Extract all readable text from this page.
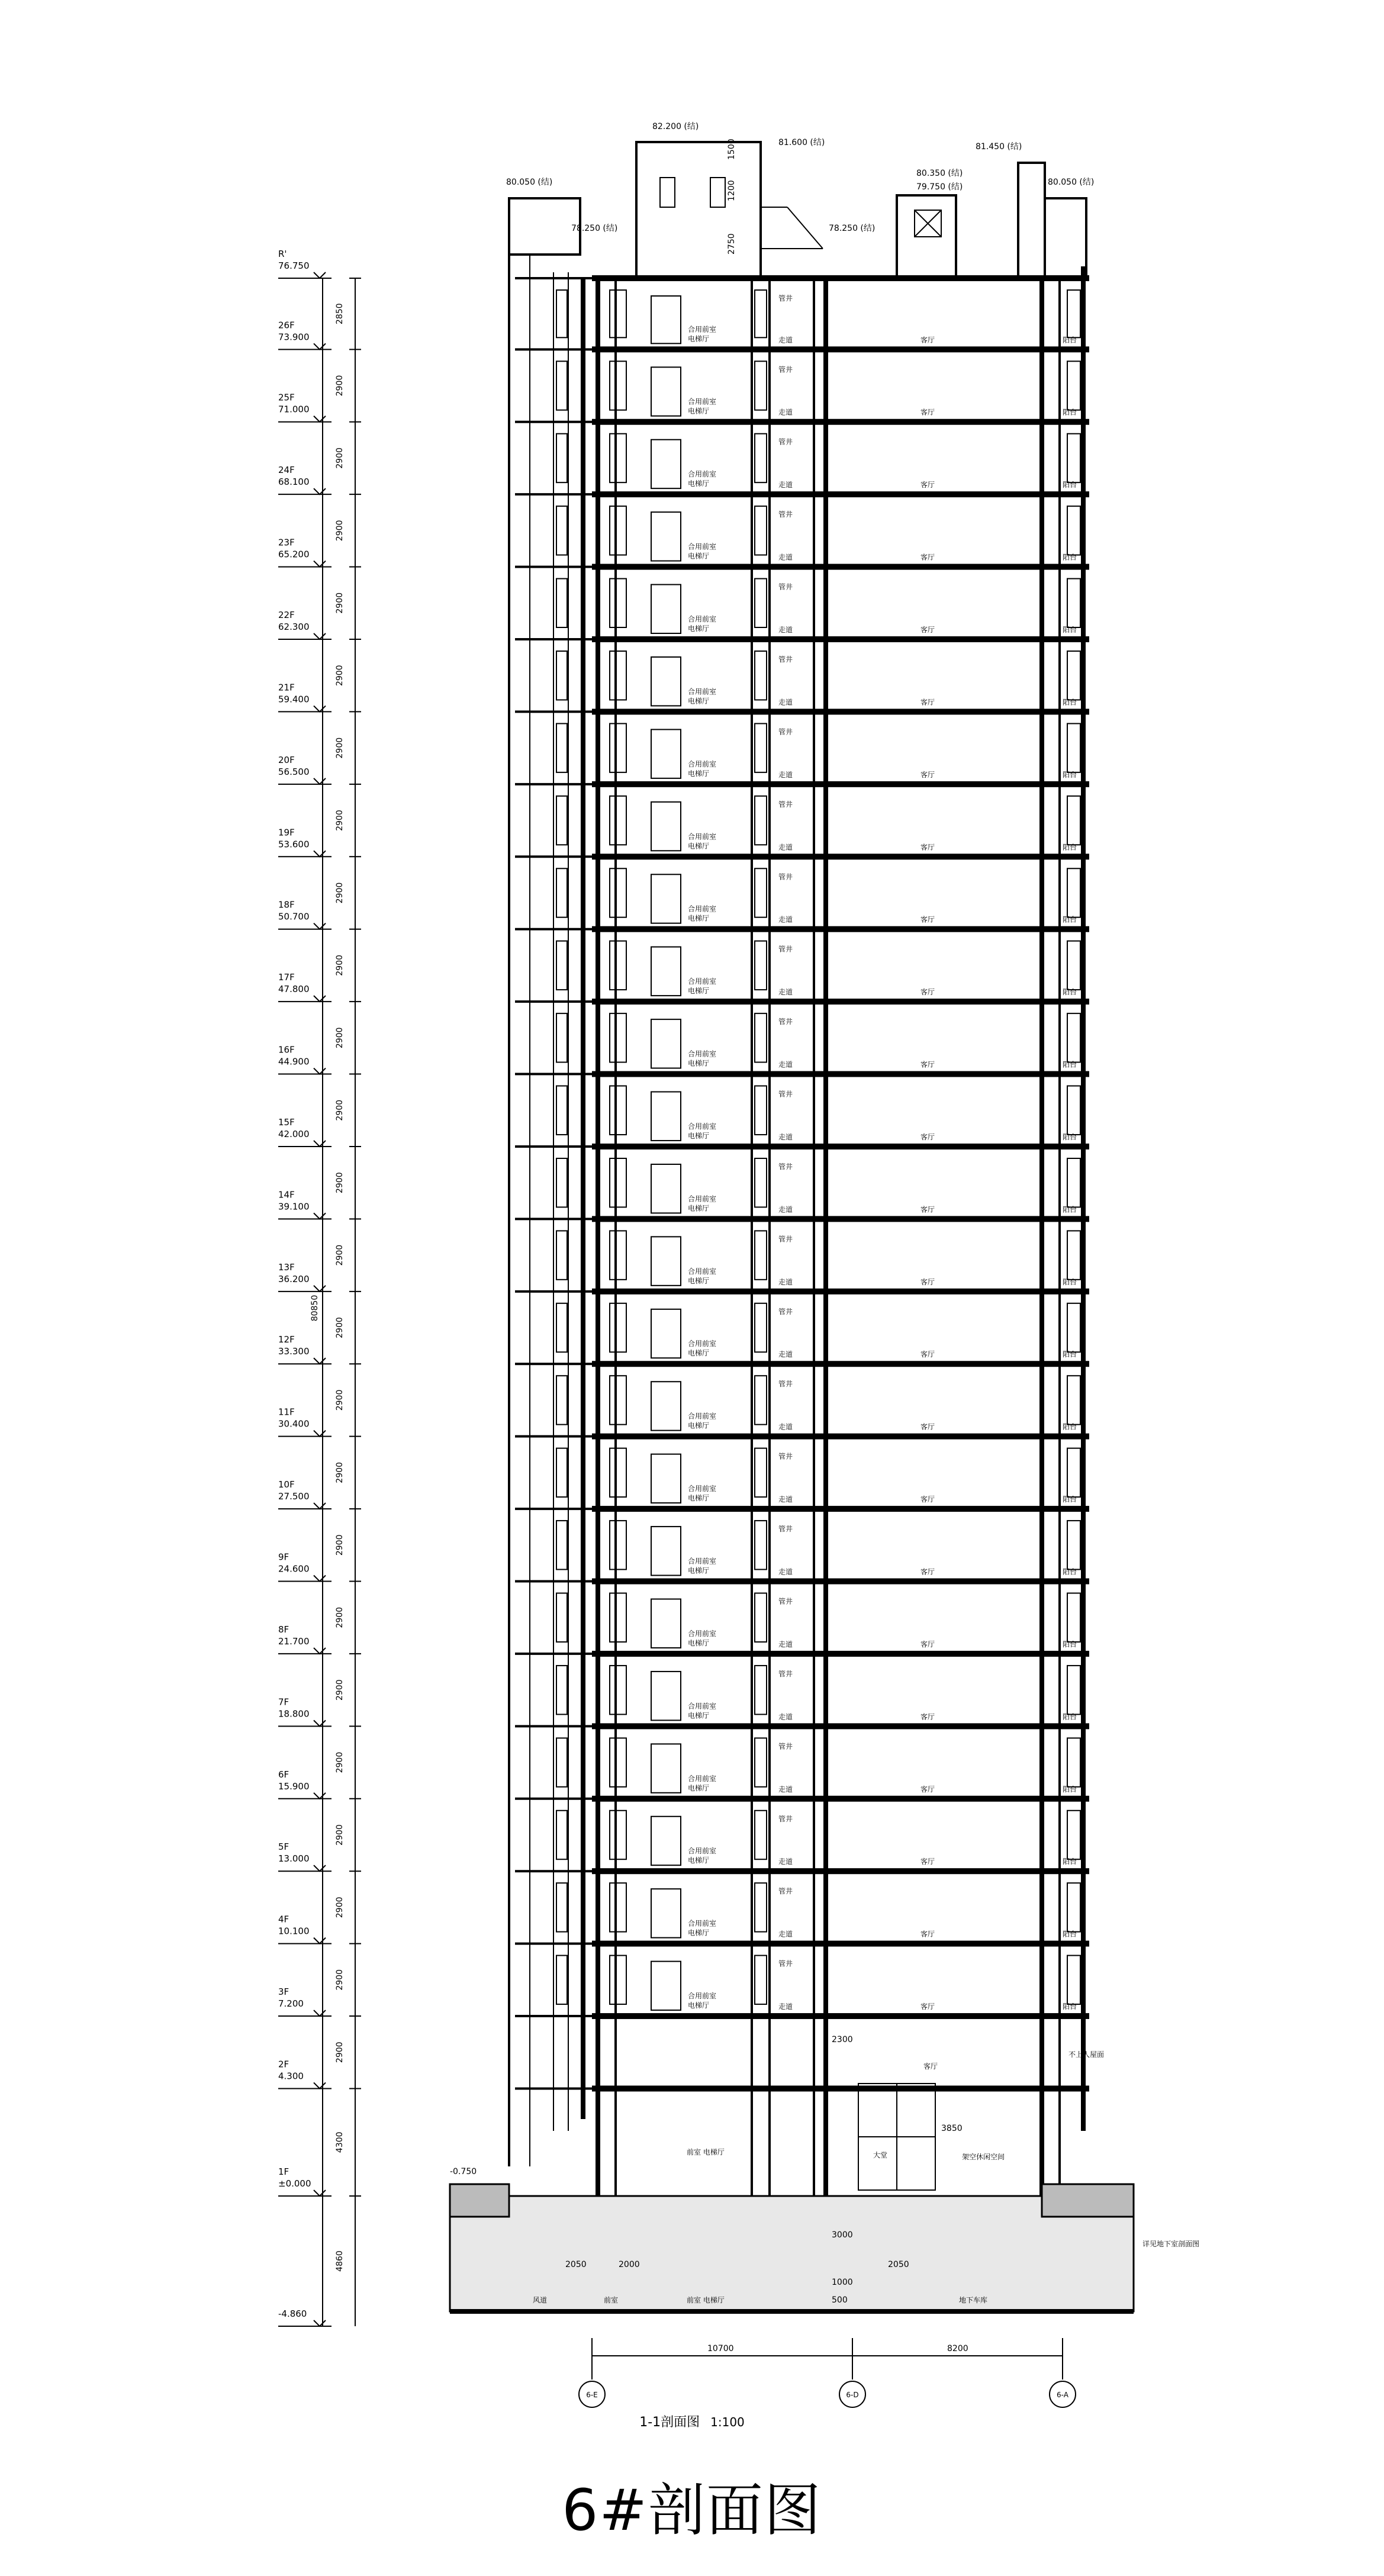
R'
76.750
2850
26F
73.900
2900
25F
71.000
2900
24F
68.100
2900
23F
65.200
2900
22F
62.300
2900
21F
59.400
2900
20F
56.500
2900
19F
53.600
2900
18F
50.700
2900
17F
47.800
2900
16F
44.900
2900
15F
42.000
2900
14F
39.100
2900
13F
36.200
2900
12F
33.300
2900
11F
30.400
2900
10F
27.500
2900
9F
24.600
2900
8F
21.700
2900
7F
18.800
2900
6F
15.900
2900
5F
13.000
2900
4F
10.100
2900
3F
7.200
2900
2F
4.300
4300
1F
±0.000
4860
-4.860
合用前室
电梯厅
管井
走道	客厅	阳台
合用前室
电梯厅
管井
走道	客厅	阳台
合用前室
电梯厅
管井
走道	客厅	阳台
合用前室
电梯厅
管井
走道	客厅	阳台
合用前室
电梯厅
管井
走道	客厅	阳台
合用前室
电梯厅
管井
走道	客厅	阳台
合用前室
电梯厅
管井
走道	客厅	阳台
合用前室
电梯厅
管井
走道	客厅	阳台
合用前室
电梯厅
管井
走道	客厅	阳台
合用前室
电梯厅
管井
走道	客厅	阳台
合用前室
电梯厅
管井
走道	客厅	阳台
合用前室
电梯厅
管井
走道	客厅	阳台
合用前室
电梯厅
管井
走道	客厅	阳台
合用前室
电梯厅
管井
走道	客厅	阳台
合用前室
电梯厅
管井
走道	客厅	阳台
合用前室
电梯厅
管井
走道	客厅	阳台
合用前室
电梯厅
管井
走道	客厅	阳台
合用前室
电梯厅
管井
走道	客厅	阳台
合用前室
电梯厅
管井
走道	客厅	阳台
合用前室
电梯厅
管井
走道	客厅	阳台
合用前室
电梯厅
管井
走道	客厅	阳台
合用前室
电梯厅
管井
走道	客厅	阳台
合用前室
电梯厅
管井
走道	客厅	阳台
合用前室
电梯厅
管井
走道	客厅	阳台
80850
大堂
客厅
架空休闲空间
前室 电梯厅
风道	前室	前室 电梯厅	地下车库
不上人屋面
详见地下室剖面图
-0.750
2050	2000
1000
3000
500
2050
3850
2300
82.200 (结)
81.600 (结)	81.450 (结)
80.050 (结)	80.050 (结)
80.350 (结)
79.750 (结)
78.250 (结)	78.250 (结)
1500
1200
2750
10700	8200
6-E	6-D	6-A
1-1剖面图 1:100
6#剖面图
